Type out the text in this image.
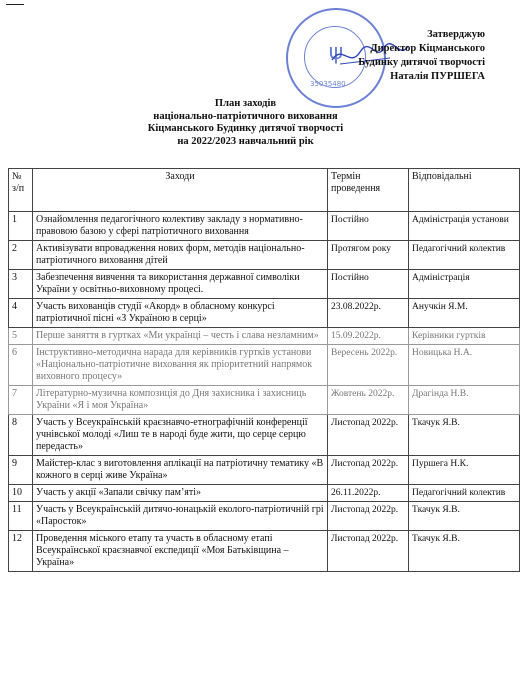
ψ
35035480
Затверджую
Директор Кіцманського
Будинку дитячої творчості
Наталія ПУРШЕГА
План заходів
національно-патріотичного виховання
Кіцманського Будинку дитячої творчості
на 2022/2023 навчальний рік
№ з/п	Заходи	Термін проведення	Відповідальні
1	Ознайомлення педагогічного колективу закладу з нормативно-правовою базою у сфері патріотичного виховання	Постійно	Адміністрація установи
2	Активізувати впровадження нових форм, методів національно-патріотичного виховання дітей	Протягом року	Педагогічний колектив
3	Забезпечення вивчення та використання державної символіки України у освітньо-виховному процесі.	Постійно	Адміністрація
4	Участь вихованців студії «Акорд» в обласному конкурсі патріотичної пісні «З Україною в серці»	23.08.2022р.	Анучкін Я.М.
5	Перше заняття в гуртках «Ми українці – честь і слава незламним»	15.09.2022р.	Керівники гуртків
6	Інструктивно-методична нарада для керівників гуртків установи «Національно-патріотичне виховання як пріоритетний напрямок виховного процесу»	Вересень 2022р.	Новицька Н.А.
7	Літературно-музична композиція до Дня захисника і захисниць України «Я і моя Україна»	Жовтень 2022р.	Драгінда Н.В.
8	Участь у Всеукраїнській краєзнавчо-етнографічній конференції учнівської молоді «Лиш те в народі буде жити, що серце серцю передасть»	Листопад 2022р.	Ткачук Я.В.
9	Майстер-клас з виготовлення аплікації на патріотичну тематику «В кожного в серці живе Україна»	Листопад 2022р.	Пуршега Н.К.
10	Участь у акції «Запали свічку пам’яті»	26.11.2022р.	Педагогічний колектив
11	Участь у Всеукраїнській дитячо-юнацькій еколого-патріотичній грі «Паросток»	Листопад 2022р.	Ткачук Я.В.
12	Проведення міського етапу та участь в обласному етапі Всеукраїнської краєзнавчої експедиції «Моя Батьківщина – Україна»	Листопад 2022р.	Ткачук Я.В.
